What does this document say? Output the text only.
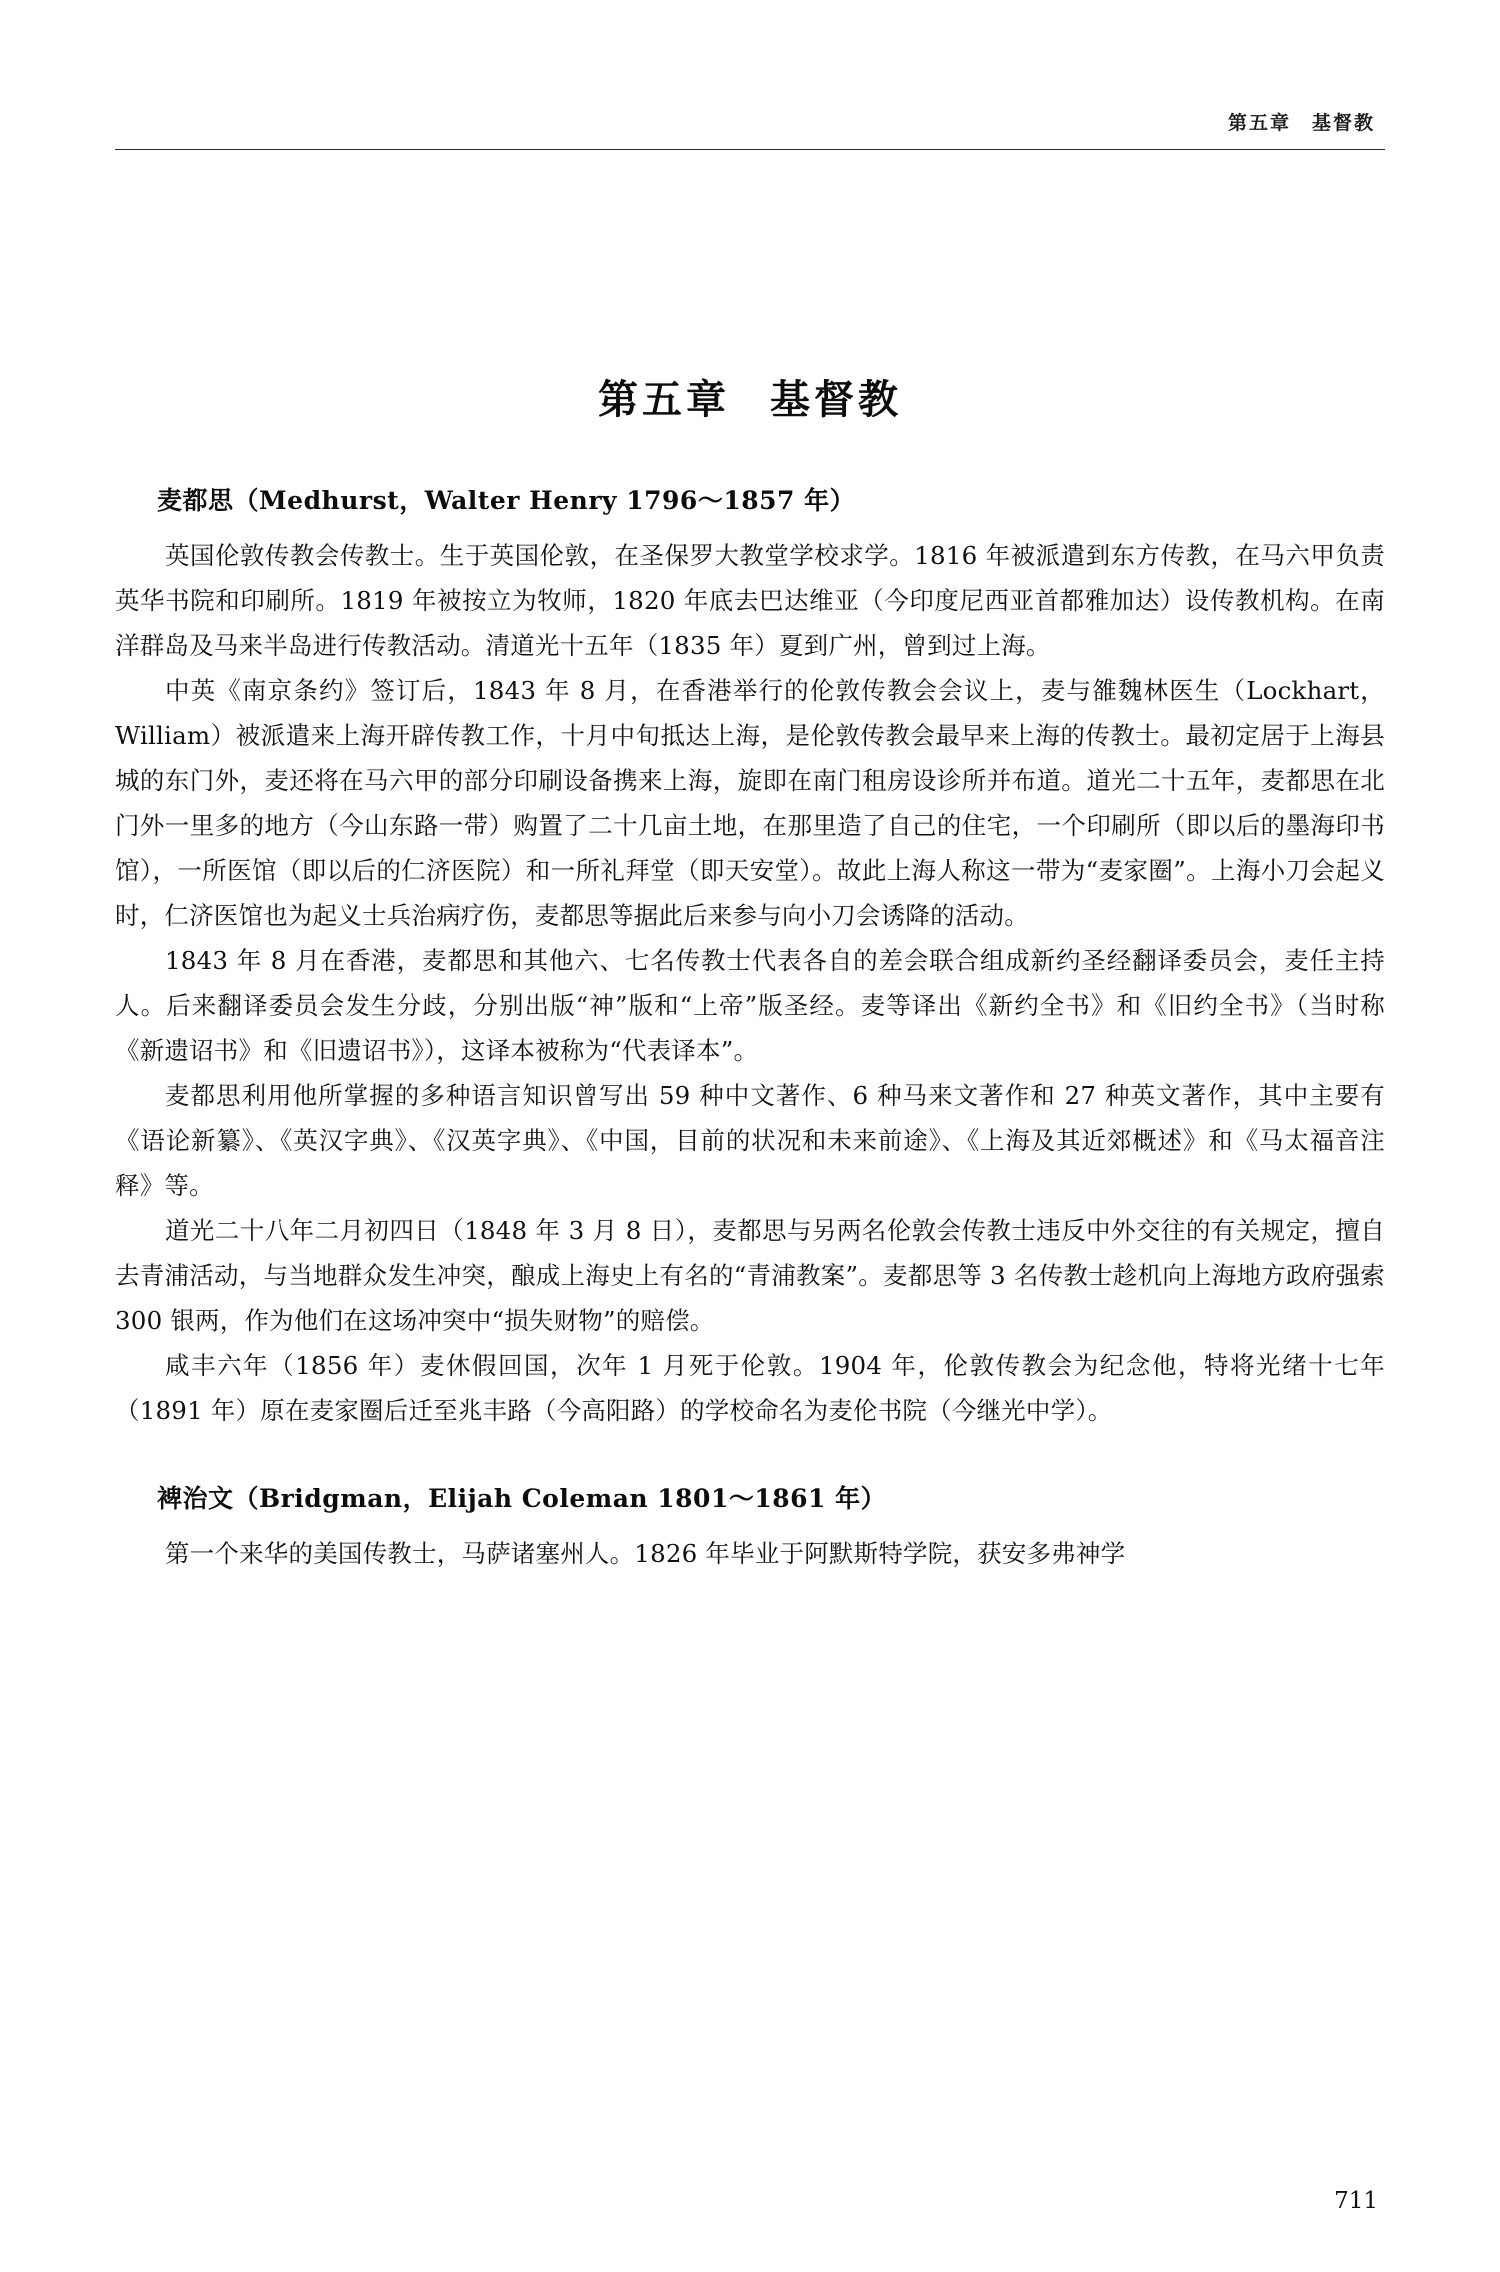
第五章　基督教
第五章 基督教
麦都思（Medhurst，Walter Henry 1796～1857 年）

英国伦敦传教会传教士。生于英国伦敦，在圣保罗大教堂学校求学。1816 年被派遣到东方传教，在马六甲负责英华书院和印刷所。1819 年被按立为牧师，1820 年底去巴达维亚（今印度尼西亚首都雅加达）设传教机构。在南洋群岛及马来半岛进行传教活动。清道光十五年（1835 年）夏到广州，曾到过上海。

中英《南京条约》签订后，1843 年 8 月，在香港举行的伦敦传教会会议上，麦与雒魏林医生（Lockhart，William）被派遣来上海开辟传教工作，十月中旬抵达上海，是伦敦传教会最早来上海的传教士。最初定居于上海县城的东门外，麦还将在马六甲的部分印刷设备携来上海，旋即在南门租房设诊所并布道。道光二十五年，麦都思在北门外一里多的地方（今山东路一带）购置了二十几亩土地，在那里造了自己的住宅，一个印刷所（即以后的墨海印书馆），一所医馆（即以后的仁济医院）和一所礼拜堂（即天安堂）。故此上海人称这一带为“麦家圈”。上海小刀会起义时，仁济医馆也为起义士兵治病疗伤，麦都思等据此后来参与向小刀会诱降的活动。

1843 年 8 月在香港，麦都思和其他六、七名传教士代表各自的差会联合组成新约圣经翻译委员会，麦任主持人。后来翻译委员会发生分歧，分别出版“神”版和“上帝”版圣经。麦等译出《新约全书》和《旧约全书》（当时称《新遗诏书》和《旧遗诏书》），这译本被称为“代表译本”。

麦都思利用他所掌握的多种语言知识曾写出 59 种中文著作、6 种马来文著作和 27 种英文著作，其中主要有《语论新纂》、《英汉字典》、《汉英字典》、《中国，目前的状况和未来前途》、《上海及其近郊概述》和《马太福音注释》等。

道光二十八年二月初四日（1848 年 3 月 8 日），麦都思与另两名伦敦会传教士违反中外交往的有关规定，擅自去青浦活动，与当地群众发生冲突，酿成上海史上有名的“青浦教案”。麦都思等 3 名传教士趁机向上海地方政府强索 300 银两，作为他们在这场冲突中“损失财物”的赔偿。

咸丰六年（1856 年）麦休假回国，次年 1 月死于伦敦。1904 年，伦敦传教会为纪念他，特将光绪十七年（1891 年）原在麦家圈后迁至兆丰路（今高阳路）的学校命名为麦伦书院（今继光中学）。

裨治文（Bridgman，Elijah Coleman 1801～1861 年）

第一个来华的美国传教士，马萨诸塞州人。1826 年毕业于阿默斯特学院，获安多弗神学

711
